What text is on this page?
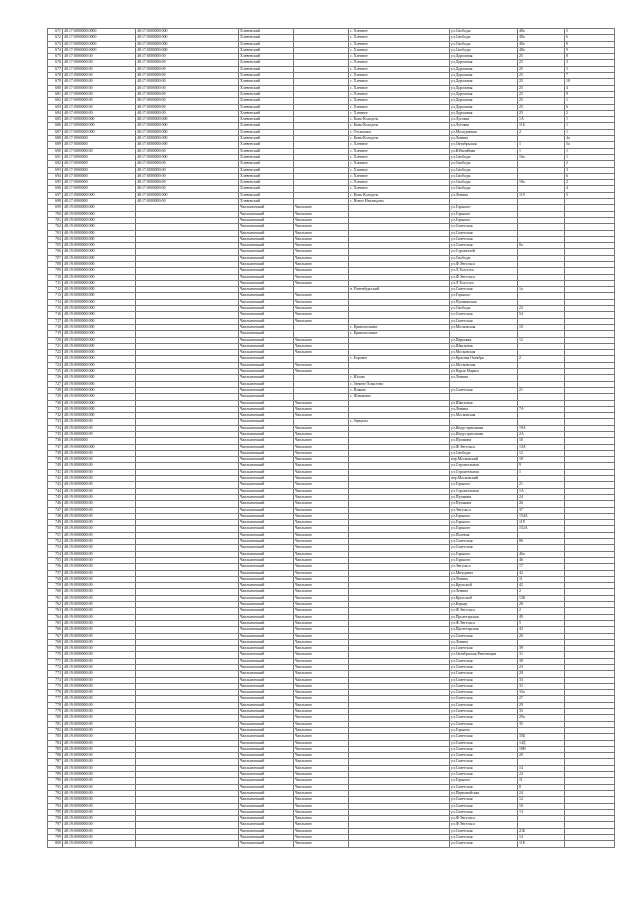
671	48:17:0000000:0000	48:17:0000000:000	Хлевенский		с. Хлевное	ул.Свободы	48а	5
672	48:17:0000000:0000	48:17:0000000:000	Хлевенский		с. Хлевное	ул.Свободы	48а	6
673	48:17:0000000:0000	48:17:0000000:000	Хлевенский		с. Хлевное	ул.Свободы	48а	8
674	48:17:0000000:0000	48:17:0000000:000	Хлевенский		с. Хлевное	ул.Свободы	48а	9
675	48:17:0000000:00	48:17:0000000:00	Хлевенский		с. Хлевное	ул.Дорожная	25	8
676	48:17:0000000:00	48:17:0000000:00	Хлевенский		с. Хлевное	ул.Дорожная	25	3
677	48:17:0000000:00	48:17:0000000:00	Хлевенский		с. Хлевное	ул.Дорожная	25	5
678	48:17:0000000:00	48:17:0000000:00	Хлевенский		с. Хлевное	ул.Дорожная	25	7
679	48:17:0000000:00	48:17:0000000:00	Хлевенский		с. Хлевное	ул.Дорожная	25	10
680	48:17:0000000:00	48:17:0000000:00	Хлевенский		с. Хлевное	ул.Дорожная	25	4
681	48:17:0000000:00	48:17:0000000:00	Хлевенский		с. Хлевное	ул.Дорожная	25	9
682	48:17:0000000:00	48:17:0000000:00	Хлевенский		с. Хлевное	ул.Дорожная	25	1
683	48:17:0000000:00	48:17:0000000:00	Хлевенский		с. Хлевное	ул.Дорожная	25	6
684	48:17:0000000:00	48:17:0000000:00	Хлевенский		с. Хлевное	ул.Дорожная	25	2
685	48:17:0000000:000	48:17:0000000:000	Хлевенский		с. Конь-Колодезь	ул.Луговая	1А	1
686	48:17:0000000:000	48:17:0000000:000	Хлевенский		с. Конь-Колодезь	ул.Луговая	11Б	1
687	48:17:0000000:000	48:17:0000000:000	Хлевенский		с. Отскочное	ул.Молодежная	2	1
688	48:17:0000000	48:17:0000000:000	Хлевенский		с. Конь-Колодезь	ул.Ленина		4а
689	48:17:0000000	48:17:0000000:000	Хлевенский		с. Хлевное	ул.Октябрьская	1	5а
690	48:17:0000000:00	48:17:0000000:00	Хлевенский		с. Хлевное	ул.Юбилейная	1	1
691	48:17:0000000	48:17:0000000:000	Хлевенский		с. Хлевное	ул.Свободы	16а	1
692	48:17:0000000	48:17:0000000:00	Хлевенский		с. Хлевное	ул.Свободы		2
693	48:17:0000000	48:17:0000000:00	Хлевенский		с. Хлевное	ул.Свободы		3
694	48:17:0000000	48:17:0000000:00	Хлевенский		с. Хлевное	ул.Свободы		6
695	48:17:0000000	48:17:0000000:00	Хлевенский		с. Хлевное	ул.Свободы	18а	2
696	48:17:0000000	48:17:0000000:00	Хлевенский		с. Хлевное	ул.Свободы		4
697	48:17:0000000:000	48:17:0000000:000	Хлевенский		с. Конь-Колодезь	ул.Ленина	119	5
698	48:17:0000000	48:17:0000000:00	Хлевенский		с. Новое Неклюдово			
699	48:19:0000000:000		Чаплыгинский	Чаплыгин		ул.Горького		
700	48:19:0000000:000		Чаплыгинский	Чаплыгин		ул.Горького		
701	48:19:0000000:000		Чаплыгинский	Чаплыгин		ул.Горького		
702	48:19:0000000:000		Чаплыгинский	Чаплыгин		ул.Советская		
703	48:19:0000000:000		Чаплыгинский	Чаплыгин		ул.Советская		
704	48:19:0000000:000		Чаплыгинский	Чаплыгин		ул.Советская		
705	48:19:0000000:000		Чаплыгинский	Чаплыгин		ул.Советская	8а	
706	48:19:0000000:000		Чаплыгинский	Чаплыгин		ул.Строителей		
707	48:19:0000000:000		Чаплыгинский	Чаплыгин		ул.Свободы		
708	48:19:0000000:000		Чаплыгинский	Чаплыгин		ул.Ф.Энгельса		
709	48:19:0000000:000		Чаплыгинский	Чаплыгин		ул.Л.Толстого		
710	48:19:0000000:000		Чаплыгинский	Чаплыгин		ул.Ф.Энгельса		
711	48:19:0000000:000		Чаплыгинский	Чаплыгин		ул.Л.Толстого		
712	48:19:0000000:000		Чаплыгинский		п. Раненбургский	ул.Советская	1а	
713	48:19:0000000:000		Чаплыгинский	Чаплыгин		ул.Горького		
714	48:19:0000000:000		Чаплыгинский	Чаплыгин		ул.Пушкинская		
715	48:19:0000000:000		Чаплыгинский	Чаплыгин		ул.Свободы	22	
716	48:19:0000000:000		Чаплыгинский	Чаплыгин		ул.Советская	54	
717	48:19:0000000:000		Чаплыгинский	Чаплыгин		ул.Советская		
718	48:19:0000000:000		Чаплыгинский		с. Кривополянье	ул.Московская	10	
719	48:19:0000000:000		Чаплыгинский		с. Кривополянье			
720	48:19:0000000:000		Чаплыгинский	Чаплыгин		ул.Парковая	12	
721	48:19:0000000:000		Чаплыгинский	Чаплыгин		ул.Школьная		
722	48:19:0000000:000		Чаплыгинский	Чаплыгин		ул.Московская		
723	48:19:0000000:000		Чаплыгинский		с. Боровое	ул.Красная Октябрь	2	
724	48:19:0000000:000		Чаплыгинский	Чаплыгин		ул.Московская		
725	48:19:0000000:000		Чаплыгинский	Чаплыгин		ул.Карла Маркса		
726	48:19:0000000:000		Чаплыгинский		с. Юсово	ул.Ленина		
727	48:19:0000000:000		Чаплыгинский		с. Зенино-Хлыстово			
728	48:19:0000000:000		Чаплыгинский		с. Пиково	ул.Советская	21	
729	48:19:0000000:000		Чаплыгинский		с. Шишкино			
730	48:19:0000000:000		Чаплыгинский	Чаплыгин		ул.Школьная		
731	48:19:0000000:000		Чаплыгинский	Чаплыгин		ул.Ленина	7А	
732	48:19:0000000:000		Чаплыгинский	Чаплыгин		ул.Московская		
733	48:19:0000000:00		Чаплыгинский		с. Зерцалы			
734	48:19:0000000:00		Чаплыгинский	Чаплыгин		ул.Индустриальная	19А	
735	48:19:0000000:00		Чаплыгинский	Чаплыгин		ул.Индустриальная	2А	
736	48:19:0000000		Чаплыгинский	Чаплыгин		ул.Пушкина	10	
737	48:19:0000000:000		Чаплыгинский	Чаплыгин		ул.Ф.Энгельса	13А	
738	48:19:0000000:00		Чаплыгинский	Чаплыгин		ул.Свободы	12	
739	48:19:0000000:00		Чаплыгинский	Чаплыгин		пер.Московский	18	
740	48:19:0000000:00		Чаплыгинский	Чаплыгин		ул.Строительная	9	
741	48:19:0000000:00		Чаплыгинский	Чаплыгин		ул.Строительная	1	
742	48:19:0000000:00		Чаплыгинский	Чаплыгин		пер.Московский		
743	48:19:0000000:00		Чаплыгинский	Чаплыгин		ул.Горького	21	
744	48:19:0000000:00		Чаплыгинский	Чаплыгин		ул.Строительная	1А	
745	48:19:0000000:00		Чаплыгинский	Чаплыгин		ул.Пушкина	24	
746	48:19:0000000:00		Чаплыгинский	Чаплыгин		ул.Пушкина	26	
747	48:19:0000000:00		Чаплыгинский	Чаплыгин		ул.Энгельса	37	
748	48:19:0000000:00		Чаплыгинский	Чаплыгин		ул.Горького	154А	
749	48:19:0000000:00		Чаплыгинский	Чаплыгин		ул.Горького	118	
750	48:19:0000000:00		Чаплыгинский	Чаплыгин		ул.Горького	152А	
751	48:19:0000000:00		Чаплыгинский	Чаплыгин		ул.Полевая		
752	48:19:0000000:00		Чаплыгинский	Чаплыгин		ул.Советская	86	
753	48:19:0000000:00		Чаплыгинский	Чаплыгин		ул.Советская		
754	48:19:0000000:00		Чаплыгинский	Чаплыгин		ул.Горького	46а	
755	48:19:0000000:00		Чаплыгинский	Чаплыгин		ул.Горького	46	
756	48:19:0000000:00		Чаплыгинский	Чаплыгин		ул.Энгельса	17	
757	48:19:0000000:00		Чаплыгинский	Чаплыгин		ул.Мичурина	42	
758	48:19:0000000:00		Чаплыгинский	Чаплыгин		ул.Ленина	11	
759	48:19:0000000:00		Чаплыгинский	Чаплыгин		ул.Крупской	42	
760	48:19:0000000:00		Чаплыгинский	Чаплыгин		ул.Ленина	2	
761	48:19:0000000:00		Чаплыгинский	Чаплыгин		ул.Крупской	12Б	
762	48:19:0000000:00		Чаплыгинский	Чаплыгин		ул.Карьер	28	
763	48:19:0000000:00		Чаплыгинский	Чаплыгин		ул.Ф.Энгельса	2	
764	48:19:0000000:00		Чаплыгинский	Чаплыгин		ул.Пролетарская	49	
765	48:19:0000000:00		Чаплыгинский	Чаплыгин		ул.Ф.Энгельса	5	
766	48:19:0000000:00		Чаплыгинский	Чаплыгин		ул.Пролетарская	43	
767	48:19:0000000:00		Чаплыгинский	Чаплыгин		ул.Советская	20	
768	48:19:0000000:00		Чаплыгинский	Чаплыгин		ул.Ленина		
769	48:19:0000000:00		Чаплыгинский	Чаплыгин		ул.Советская	39	
770	48:19:0000000:00		Чаплыгинский	Чаплыгин		ул.Октябрьская Революции	31	
771	48:19:0000000:00		Чаплыгинский	Чаплыгин		ул.Советская	38	
772	48:19:0000000:00		Чаплыгинский	Чаплыгин		ул.Советская	23	
773	48:19:0000000:00		Чаплыгинский	Чаплыгин		ул.Советская	28	
774	48:19:0000000:00		Чаплыгинский	Чаплыгин		ул.Советская	33	
775	48:19:0000000:00		Чаплыгинский	Чаплыгин		ул.Советская	31	
776	48:19:0000000:00		Чаплыгинский	Чаплыгин		ул.Советская	33а	
777	48:19:0000000:00		Чаплыгинский	Чаплыгин		ул.Советская	27	
778	48:19:0000000:00		Чаплыгинский	Чаплыгин		ул.Советская	29	
779	48:19:0000000:00		Чаплыгинский	Чаплыгин		ул.Советская	35	
780	48:19:0000000:00		Чаплыгинский	Чаплыгин		ул.Советская	29а	
781	48:19:0000000:00		Чаплыгинский	Чаплыгин		ул.Советская	35	
782	48:19:0000000:00		Чаплыгинский	Чаплыгин		ул.Горького		
783	48:19:0000000:00		Чаплыгинский	Чаплыгин		ул.Советская	35Б	
784	48:19:0000000:00		Чаплыгинский	Чаплыгин		ул.Советская	14Д	
785	48:19:0000000:00		Чаплыгинский	Чаплыгин		ул.Советская	18Н	
786	48:19:0000000:00		Чаплыгинский	Чаплыгин		ул.Советская	20	
787	48:19:0000000:00		Чаплыгинский	Чаплыгин		ул.Советская		
788	48:19:0000000:00		Чаплыгинский	Чаплыгин		ул.Советская	14	
789	48:19:0000000:00		Чаплыгинский	Чаплыгин		ул.Советская	22	
790	48:19:0000000:00		Чаплыгинский	Чаплыгин		ул.Горького	11	
791	48:19:0000000:00		Чаплыгинский	Чаплыгин		ул.Советская	8	
792	48:19:0000000:00		Чаплыгинский	Чаплыгин		ул.Первомайская	24	
793	48:19:0000000:00		Чаплыгинский	Чаплыгин		ул.Советская	12	
794	48:19:0000000:00		Чаплыгинский	Чаплыгин		ул.Советская	10	
795	48:19:0000000:00		Чаплыгинский	Чаплыгин		ул.Советская	13	
796	48:19:0000000:00		Чаплыгинский	Чаплыгин		ул.Ф.Энгельса		
797	48:19:0000000:00		Чаплыгинский	Чаплыгин		ул.Ф.Энгельса		
798	48:19:0000000:00		Чаплыгинский	Чаплыгин		ул.Советская	21Б	
799	48:19:0000000:00		Чаплыгинский	Чаплыгин		ул.Советская	14	
800	48:19:0000000:00		Чаплыгинский	Чаплыгин		ул.Советская	11Е	
